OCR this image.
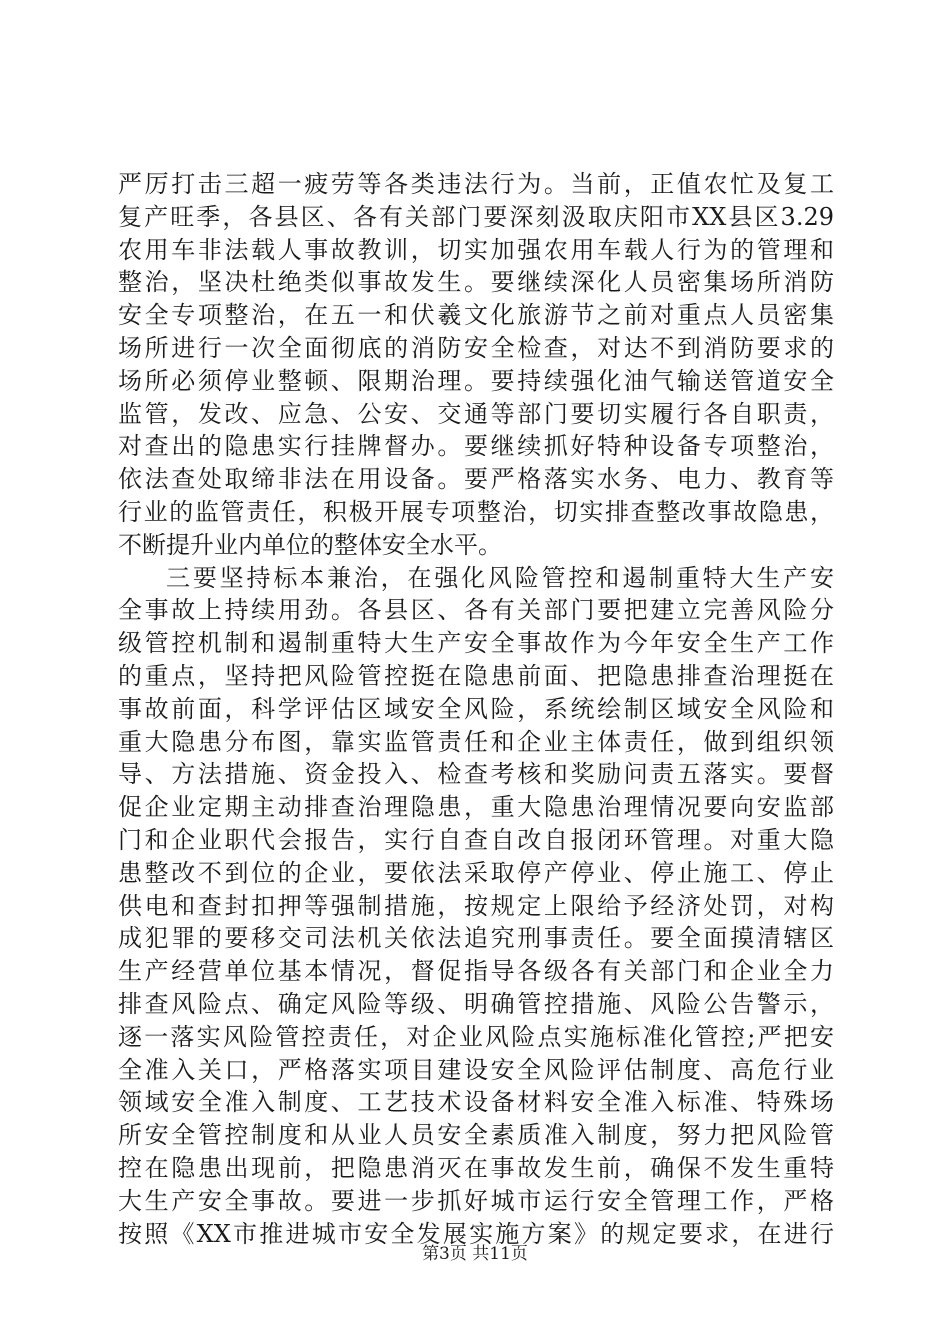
严厉打击三超一疲劳等各类违法行为。当前，正值农忙及复工
复产旺季，各县区、各有关部门要深刻汲取庆阳市XX县区3.29
农用车非法载人事故教训，切实加强农用车载人行为的管理和
整治，坚决杜绝类似事故发生。要继续深化人员密集场所消防
安全专项整治，在五一和伏羲文化旅游节之前对重点人员密集
场所进行一次全面彻底的消防安全检查，对达不到消防要求的
场所必须停业整顿、限期治理。要持续强化油气输送管道安全
监管，发改、应急、公安、交通等部门要切实履行各自职责，
对查出的隐患实行挂牌督办。要继续抓好特种设备专项整治，
依法查处取缔非法在用设备。要严格落实水务、电力、教育等
行业的监管责任，积极开展专项整治，切实排查整改事故隐患，
不断提升业内单位的整体安全水平。
三要坚持标本兼治，在强化风险管控和遏制重特大生产安
全事故上持续用劲。各县区、各有关部门要把建立完善风险分
级管控机制和遏制重特大生产安全事故作为今年安全生产工作
的重点，坚持把风险管控挺在隐患前面、把隐患排查治理挺在
事故前面，科学评估区域安全风险，系统绘制区域安全风险和
重大隐患分布图，靠实监管责任和企业主体责任，做到组织领
导、方法措施、资金投入、检查考核和奖励问责五落实。要督
促企业定期主动排查治理隐患，重大隐患治理情况要向安监部
门和企业职代会报告，实行自查自改自报闭环管理。对重大隐
患整改不到位的企业，要依法采取停产停业、停止施工、停止
供电和查封扣押等强制措施，按规定上限给予经济处罚，对构
成犯罪的要移交司法机关依法追究刑事责任。要全面摸清辖区
生产经营单位基本情况，督促指导各级各有关部门和企业全力
排查风险点、确定风险等级、明确管控措施、风险公告警示，
逐一落实风险管控责任，对企业风险点实施标准化管控;严把安
全准入关口，严格落实项目建设安全风险评估制度、高危行业
领域安全准入制度、工艺技术设备材料安全准入标准、特殊场
所安全管控制度和从业人员安全素质准入制度，努力把风险管
控在隐患出现前，把隐患消灭在事故发生前，确保不发生重特
大生产安全事故。要进一步抓好城市运行安全管理工作，严格
按照《XX市推进城市安全发展实施方案》的规定要求，在进行
第3页 共11页
